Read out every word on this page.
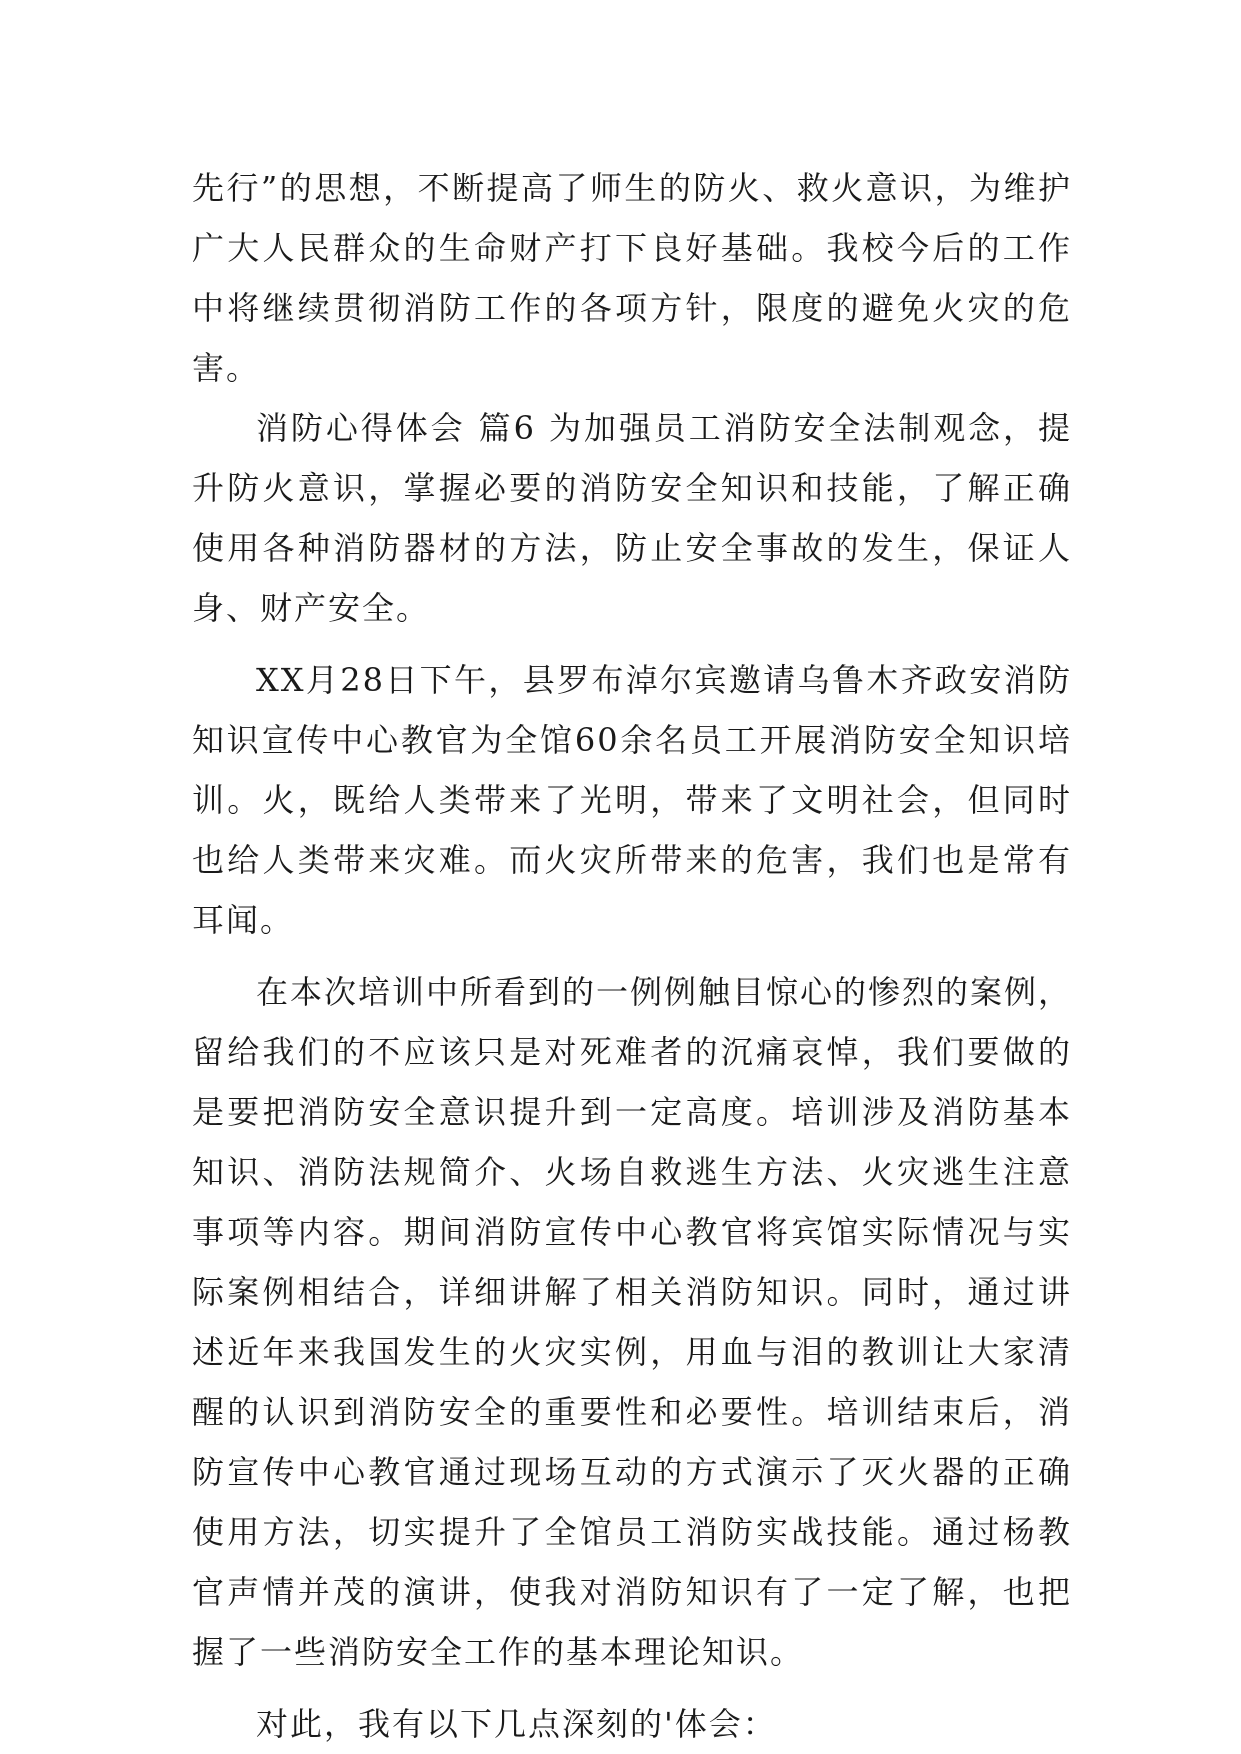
先行”的思想，不断提高了师生的防火、救火意识，为维护广大人民群众的生命财产打下良好基础。我校今后的工作中将继续贯彻消防工作的各项方针，限度的避免火灾的危害。

消防心得体会 篇6 为加强员工消防安全法制观念，提升防火意识，掌握必要的消防安全知识和技能，了解正确使用各种消防器材的方法，防止安全事故的发生，保证人身、财产安全。

XX月28日下午，县罗布淖尔宾邀请乌鲁木齐政安消防知识宣传中心教官为全馆60余名员工开展消防安全知识培训。火，既给人类带来了光明，带来了文明社会，但同时也给人类带来灾难。而火灾所带来的危害，我们也是常有耳闻。

在本次培训中所看到的一例例触目惊心的惨烈的案例，留给我们的不应该只是对死难者的沉痛哀悼，我们要做的是要把消防安全意识提升到一定高度。培训涉及消防基本知识、消防法规简介、火场自救逃生方法、火灾逃生注意事项等内容。期间消防宣传中心教官将宾馆实际情况与实际案例相结合，详细讲解了相关消防知识。同时，通过讲述近年来我国发生的火灾实例，用血与泪的教训让大家清醒的认识到消防安全的重要性和必要性。培训结束后，消防宣传中心教官通过现场互动的方式演示了灭火器的正确使用方法，切实提升了全馆员工消防实战技能。通过杨教官声情并茂的演讲，使我对消防知识有了一定了解，也把握了一些消防安全工作的基本理论知识。

对此，我有以下几点深刻的'体会：
